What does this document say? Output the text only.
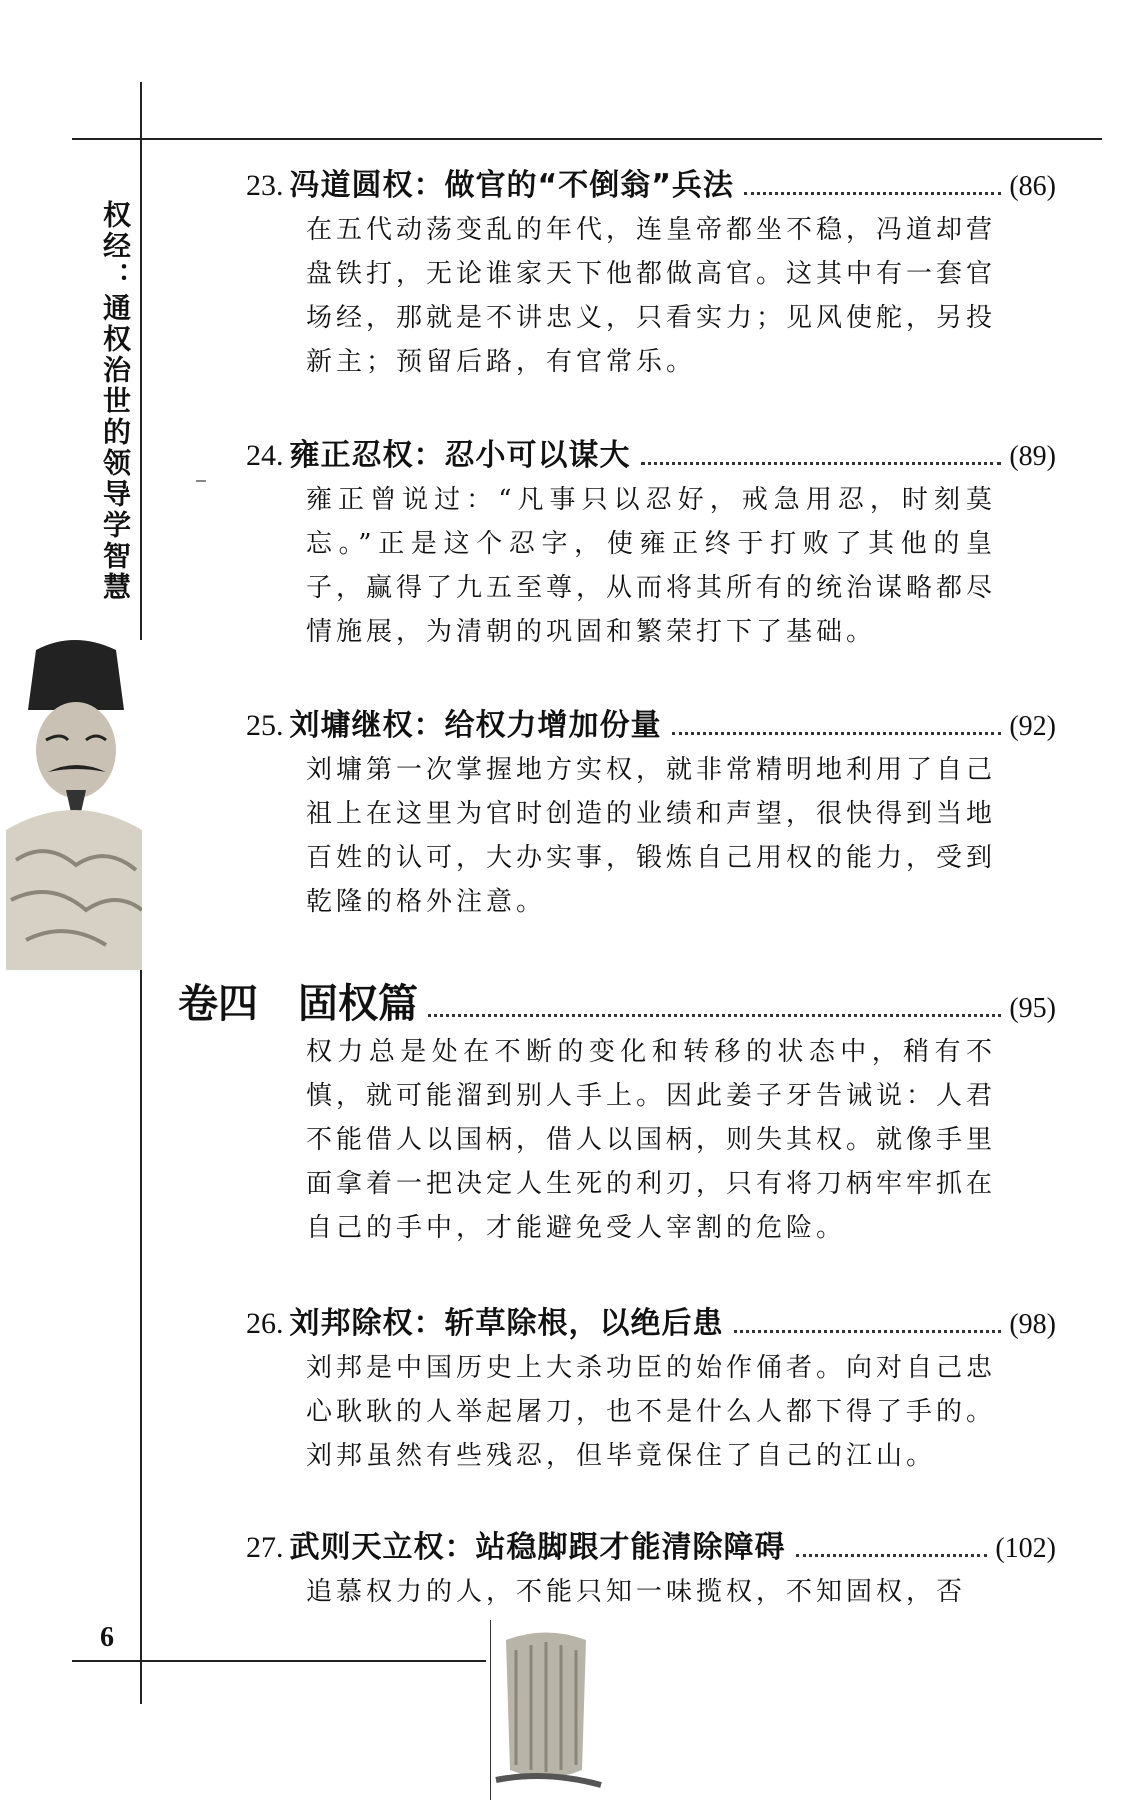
权经：通权治世的领导学智慧
23. 冯道圆权：做官的“不倒翁”兵法	(86)
在五代动荡变乱的年代，连皇帝都坐不稳，冯道却营盘铁打，无论谁家天下他都做高官。这其中有一套官场经，那就是不讲忠义，只看实力；见风使舵，另投新主；预留后路，有官常乐。
24. 雍正忍权：忍小可以谋大	(89)
雍正曾说过：“凡事只以忍好，戒急用忍，时刻莫忘。”正是这个忍字，使雍正终于打败了其他的皇子，赢得了九五至尊，从而将其所有的统治谋略都尽情施展，为清朝的巩固和繁荣打下了基础。
25. 刘墉继权：给权力增加份量	(92)
刘墉第一次掌握地方实权，就非常精明地利用了自己祖上在这里为官时创造的业绩和声望，很快得到当地百姓的认可，大办实事，锻炼自己用权的能力，受到乾隆的格外注意。
卷四 固权篇	(95)
权力总是处在不断的变化和转移的状态中，稍有不慎，就可能溜到别人手上。因此姜子牙告诫说：人君不能借人以国柄，借人以国柄，则失其权。就像手里面拿着一把决定人生死的利刃，只有将刀柄牢牢抓在自己的手中，才能避免受人宰割的危险。
26. 刘邦除权：斩草除根，以绝后患	(98)
刘邦是中国历史上大杀功臣的始作俑者。向对自己忠心耿耿的人举起屠刀，也不是什么人都下得了手的。刘邦虽然有些残忍，但毕竟保住了自己的江山。
27. 武则天立权：站稳脚跟才能清除障碍	(102)
追慕权力的人，不能只知一味揽权，不知固权，否
6
